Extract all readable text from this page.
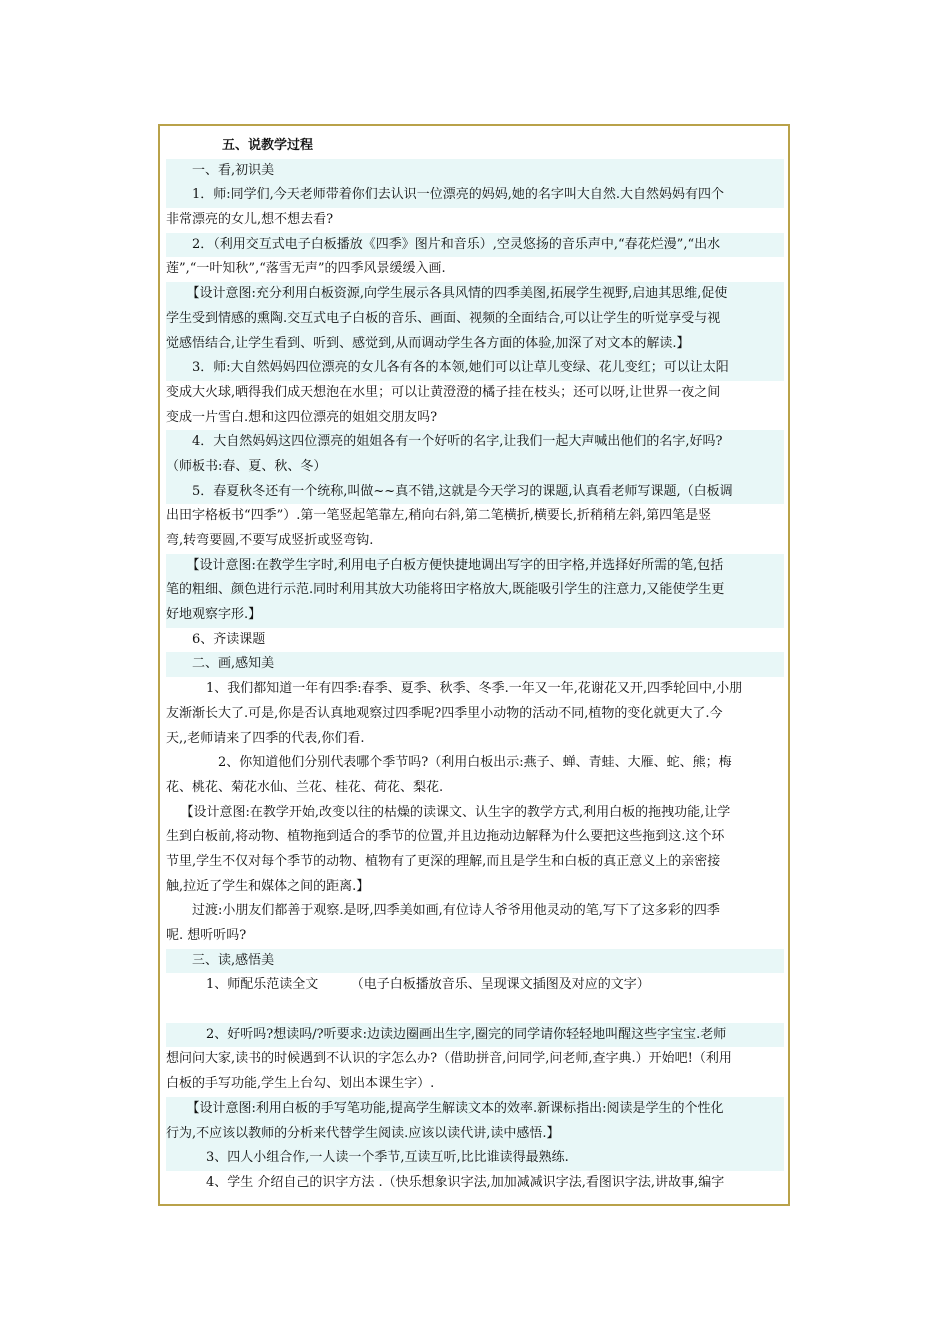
　　五、说教学过程
　　一、看,初识美
　　1．师:同学们,今天老师带着你们去认识一位漂亮的妈妈,她的名字叫大自然.大自然妈妈有四个
非常漂亮的女儿,想不想去看?
　　2．（利用交互式电子白板播放《四季》图片和音乐）,空灵悠扬的音乐声中,“春花烂漫”,“出水
莲”,“一叶知秋”,“落雪无声”的四季风景缓缓入画.
　【设计意图:充分利用白板资源,向学生展示各具风情的四季美图,拓展学生视野,启迪其思维,促使
学生受到情感的熏陶.交互式电子白板的音乐、画面、视频的全面结合,可以让学生的听觉享受与视
觉感悟结合,让学生看到、听到、感觉到,从而调动学生各方面的体验,加深了对文本的解读.】
　　3．师:大自然妈妈四位漂亮的女儿各有各的本领,她们可以让草儿变绿、花儿变红；可以让太阳
变成大火球,晒得我们成天想泡在水里；可以让黄澄澄的橘子挂在枝头；还可以呀,让世界一夜之间
变成一片雪白.想和这四位漂亮的姐姐交朋友吗?
　　4．大自然妈妈这四位漂亮的姐姐各有一个好听的名字,让我们一起大声喊出他们的名字,好吗?
（师板书:春、夏、秋、冬）
　　5．春夏秋冬还有一个统称,叫做~~真不错,这就是今天学习的课题,认真看老师写课题,（白板调
出田字格板书“四季”）.第一笔竖起笔靠左,稍向右斜,第二笔横折,横要长,折稍稍左斜,第四笔是竖
弯,转弯要圆,不要写成竖折或竖弯钩.
　【设计意图:在教学生字时,利用电子白板方便快捷地调出写字的田字格,并选择好所需的笔,包括
笔的粗细、颜色进行示范.同时利用其放大功能将田字格放大,既能吸引学生的注意力,又能使学生更
好地观察字形.】
　　6、齐读课题
　　二、画,感知美
　　1、我们都知道一年有四季:春季、夏季、秋季、冬季.一年又一年,花谢花又开,四季轮回中,小朋
友渐渐长大了.可是,你是否认真地观察过四季呢?四季里小动物的活动不同,植物的变化就更大了.今
天,,老师请来了四季的代表,你们看.
　　2、你知道他们分别代表哪个季节吗?（利用白板出示:燕子、蝉、青蛙、大雁、蛇、熊；梅
花、桃花、菊花水仙、兰花、桂花、荷花、梨花.
　【设计意图:在教学开始,改变以往的枯燥的读课文、认生字的教学方式,利用白板的拖拽功能,让学
生到白板前,将动物、植物拖到适合的季节的位置,并且边拖动边解释为什么要把这些拖到这.这个环
节里,学生不仅对每个季节的动物、植物有了更深的理解,而且是学生和白板的真正意义上的亲密接
触,拉近了学生和媒体之间的距离.】
　　过渡:小朋友们都善于观察.是呀,四季美如画,有位诗人爷爷用他灵动的笔,写下了这多彩的四季
呢. 想听听吗?
　　三、读,感悟美
　　1、师配乐范读全文　　　（电子白板播放音乐、呈现课文插图及对应的文字）
　　2、好听吗?想读吗/?听要求:边读边圈画出生字,圈完的同学请你轻轻地叫醒这些字宝宝.老师
想问问大家,读书的时候遇到不认识的字怎么办?（借助拼音,问同学,问老师,查字典.）开始吧!（利用
白板的手写功能,学生上台勾、划出本课生字）.
　【设计意图:利用白板的手写笔功能,提高学生解读文本的效率.新课标指出:阅读是学生的个性化
行为,不应该以教师的分析来代替学生阅读.应该以读代讲,读中感悟.】
　　3、四人小组合作,一人读一个季节,互读互听,比比谁读得最熟练.
　　4、学生 介绍自己的识字方法 .（快乐想象识字法,加加减减识字法,看图识字法,讲故事,编字
